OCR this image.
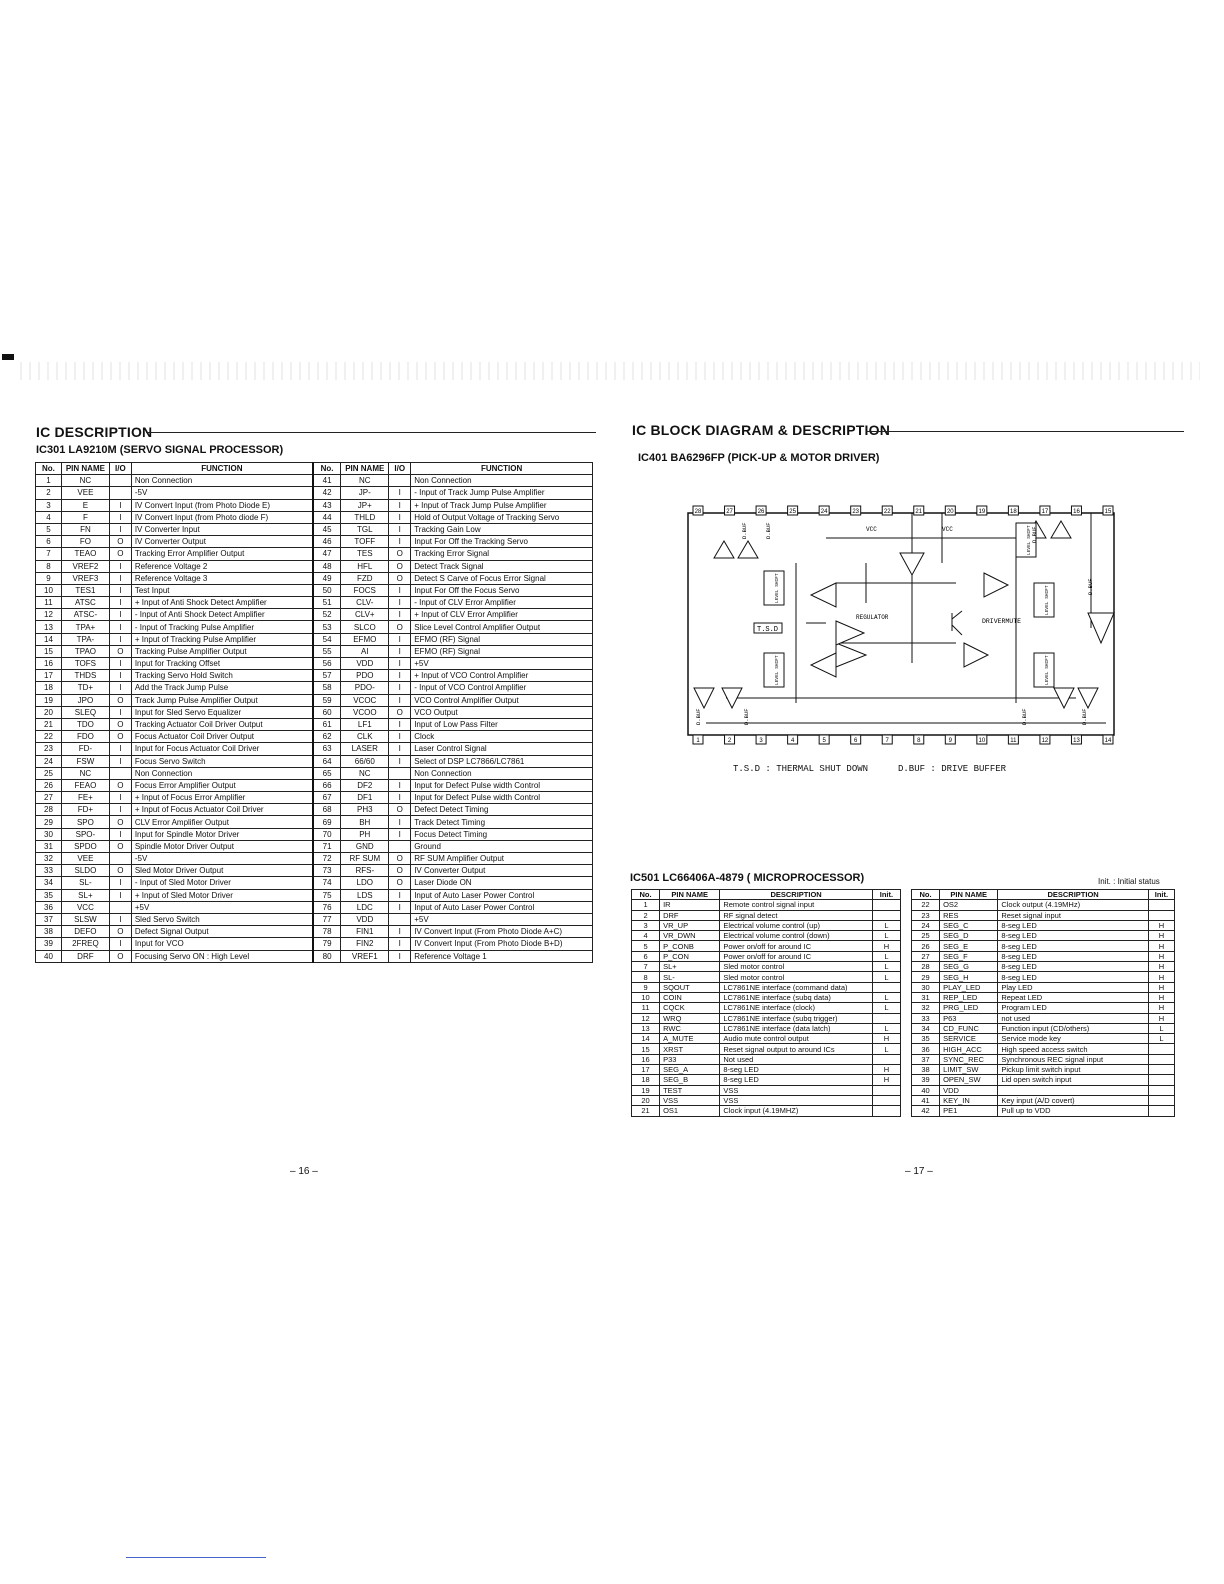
IC DESCRIPTION
IC301 LA9210M (SERVO SIGNAL PROCESSOR)
No.	PIN NAME	I/O	FUNCTION	No.	PIN NAME	I/O	FUNCTION
1	NC		Non Connection	41	NC		Non Connection
2	VEE		-5V	42	JP-	I	- Input of Track Jump Pulse Amplifier
3	E	I	IV Convert Input (from Photo Diode E)	43	JP+	I	+ Input of Track Jump Pulse Amplifier
4	F	I	IV Convert Input (from Photo diode F)	44	THLD	I	Hold of Output Voltage of Tracking Servo
5	FN	I	IV Converter Input	45	TGL	I	Tracking Gain Low
6	FO	O	IV Converter Output	46	TOFF	I	Input For Off the Tracking Servo
7	TEAO	O	Tracking Error Amplifier Output	47	TES	O	Tracking Error Signal
8	VREF2	I	Reference Voltage 2	48	HFL	O	Detect Track Signal
9	VREF3	I	Reference Voltage 3	49	FZD	O	Detect S Carve of Focus Error Signal
10	TES1	I	Test Input	50	FOCS	I	Input For Off the Focus Servo
11	ATSC	I	+ Input of Anti Shock Detect Amplifier	51	CLV-	I	- Input of CLV Error Amplifier
12	ATSC-	I	- Input of Anti Shock Detect Amplifier	52	CLV+	I	+ Input of CLV Error Amplifier
13	TPA+	I	- Input of Tracking Pulse Amplifier	53	SLCO	O	Slice Level Control Amplifier Output
14	TPA-	I	+ Input of Tracking Pulse Amplifier	54	EFMO	I	EFMO (RF) Signal
15	TPAO	O	Tracking Pulse Amplifier Output	55	AI	I	EFMO (RF) Signal
16	TOFS	I	Input for Tracking Offset	56	VDD	I	+5V
17	THDS	I	Tracking Servo Hold Switch	57	PDO	I	+ Input of VCO Control Amplifier
18	TD+	I	Add the Track Jump Pulse	58	PDO-	I	- Input of VCO Control Amplifier
19	JPO	O	Track Jump Pulse Amplifier Output	59	VCOC	I	VCO Control Amplifier Output
20	SLEQ	I	Input for Sled Servo Equalizer	60	VCOO	O	VCO Output
21	TDO	O	Tracking Actuator Coil Driver Output	61	LF1	I	Input of Low Pass Filter
22	FDO	O	Focus Actuator Coil Driver Output	62	CLK	I	Clock
23	FD-	I	Input for Focus Actuator Coil Driver	63	LASER	I	Laser Control Signal
24	FSW	I	Focus Servo Switch	64	66/60	I	Select of DSP LC7866/LC7861
25	NC		Non Connection	65	NC		Non Connection
26	FEAO	O	Focus Error Amplifier Output	66	DF2	I	Input for Defect Pulse width Control
27	FE+	I	+ Input of Focus Error Amplifier	67	DF1	I	Input for Defect Pulse width Control
28	FD+	I	+ Input of Focus Actuator Coil Driver	68	PH3	O	Defect Detect Timing
29	SPO	O	CLV Error Amplifier Output	69	BH	I	Track Detect Timing
30	SPO-	I	Input for Spindle Motor Driver	70	PH	I	Focus Detect Timing
31	SPDO	O	Spindle Motor Driver Output	71	GND		Ground
32	VEE		-5V	72	RF SUM	O	RF SUM Amplifier Output
33	SLDO	O	Sled Motor Driver Output	73	RFS-	O	IV Converter Output
34	SL-	I	- Input of Sled Motor Driver	74	LDO	O	Laser Diode ON
35	SL+	I	+ Input of Sled Motor Driver	75	LDS	I	Input of Auto Laser Power Control
36	VCC		+5V	76	LDC	I	Input of Auto Laser Power Control
37	SLSW	I	Sled Servo Switch	77	VDD		+5V
38	DEFO	O	Defect Signal Output	78	FIN1	I	IV Convert Input (From Photo Diode A+C)
39	2FREQ	I	Input for VCO	79	FIN2	I	IV Convert Input (From Photo Diode B+D)
40	DRF	O	Focusing Servo ON : High Level	80	VREF1	I	Reference Voltage 1
– 16 –
IC BLOCK DIAGRAM & DESCRIPTION
IC401 BA6296FP (PICK-UP & MOTOR DRIVER)
28	27	26	25	24	23	22	21	20	19	18	17	16	15
1	2	3	4	5	6	7	8	9	10	11	12	13	14
T.S.D
REGULATOR
DRIVERMUTE
VCC	VCC
D.BUF	D.BUF	D.BUF
D.BUF
D.BUF	D.BUF	D.BUF	D.BUF
LEVEL SHIFT
LEVEL SHIFT
LEVEL SHIFT
LEVEL SHIFT
LEVEL SHIFT
T.S.D : THERMAL SHUT DOWN	D.BUF : DRIVE BUFFER
IC501 LC66406A-4879 ( MICROPROCESSOR)	Init. : Initial status
No.	PIN NAME	DESCRIPTION	Init.
1	IR	Remote control signal input	
2	DRF	RF signal detect	
3	VR_UP	Electrical volume control (up)	L
4	VR_DWN	Electrical volume control (down)	L
5	P_CONB	Power on/off for around IC	H
6	P_CON	Power on/off for around IC	L
7	SL+	Sled motor control	L
8	SL-	Sled motor control	L
9	SQOUT	LC7861NE interface (command data)	
10	COIN	LC7861NE interface (subq data)	L
11	CQCK	LC7861NE interface (clock)	L
12	WRQ	LC7861NE interface (subq trigger)	
13	RWC	LC7861NE interface (data latch)	L
14	A_MUTE	Audio mute control output	H
15	XRST	Reset signal output to around ICs	L
16	P33	Not used	
17	SEG_A	8-seg LED	H
18	SEG_B	8-seg LED	H
19	TEST	VSS	
20	VSS	VSS	
21	OS1	Clock input (4.19MHZ)	
No.	PIN NAME	DESCRIPTION	Init.
22	OS2	Clock output (4.19MHz)	
23	RES	Reset signal input	
24	SEG_C	8-seg LED	H
25	SEG_D	8-seg LED	H
26	SEG_E	8-seg LED	H
27	SEG_F	8-seg LED	H
28	SEG_G	8-seg LED	H
29	SEG_H	8-seg LED	H
30	PLAY_LED	Play LED	H
31	REP_LED	Repeat LED	H
32	PRG_LED	Program LED	H
33	P63	not used	H
34	CD_FUNC	Function input (CD/others)	L
35	SERVICE	Service mode key	L
36	HIGH_ACC	High speed access switch	
37	SYNC_REC	Synchronous REC signal input	
38	LIMIT_SW	Pickup limit switch input	
39	OPEN_SW	Lid open switch input	
40	VDD		
41	KEY_IN	Key input (A/D covert)	
42	PE1	Pull up to VDD	
– 17 –
